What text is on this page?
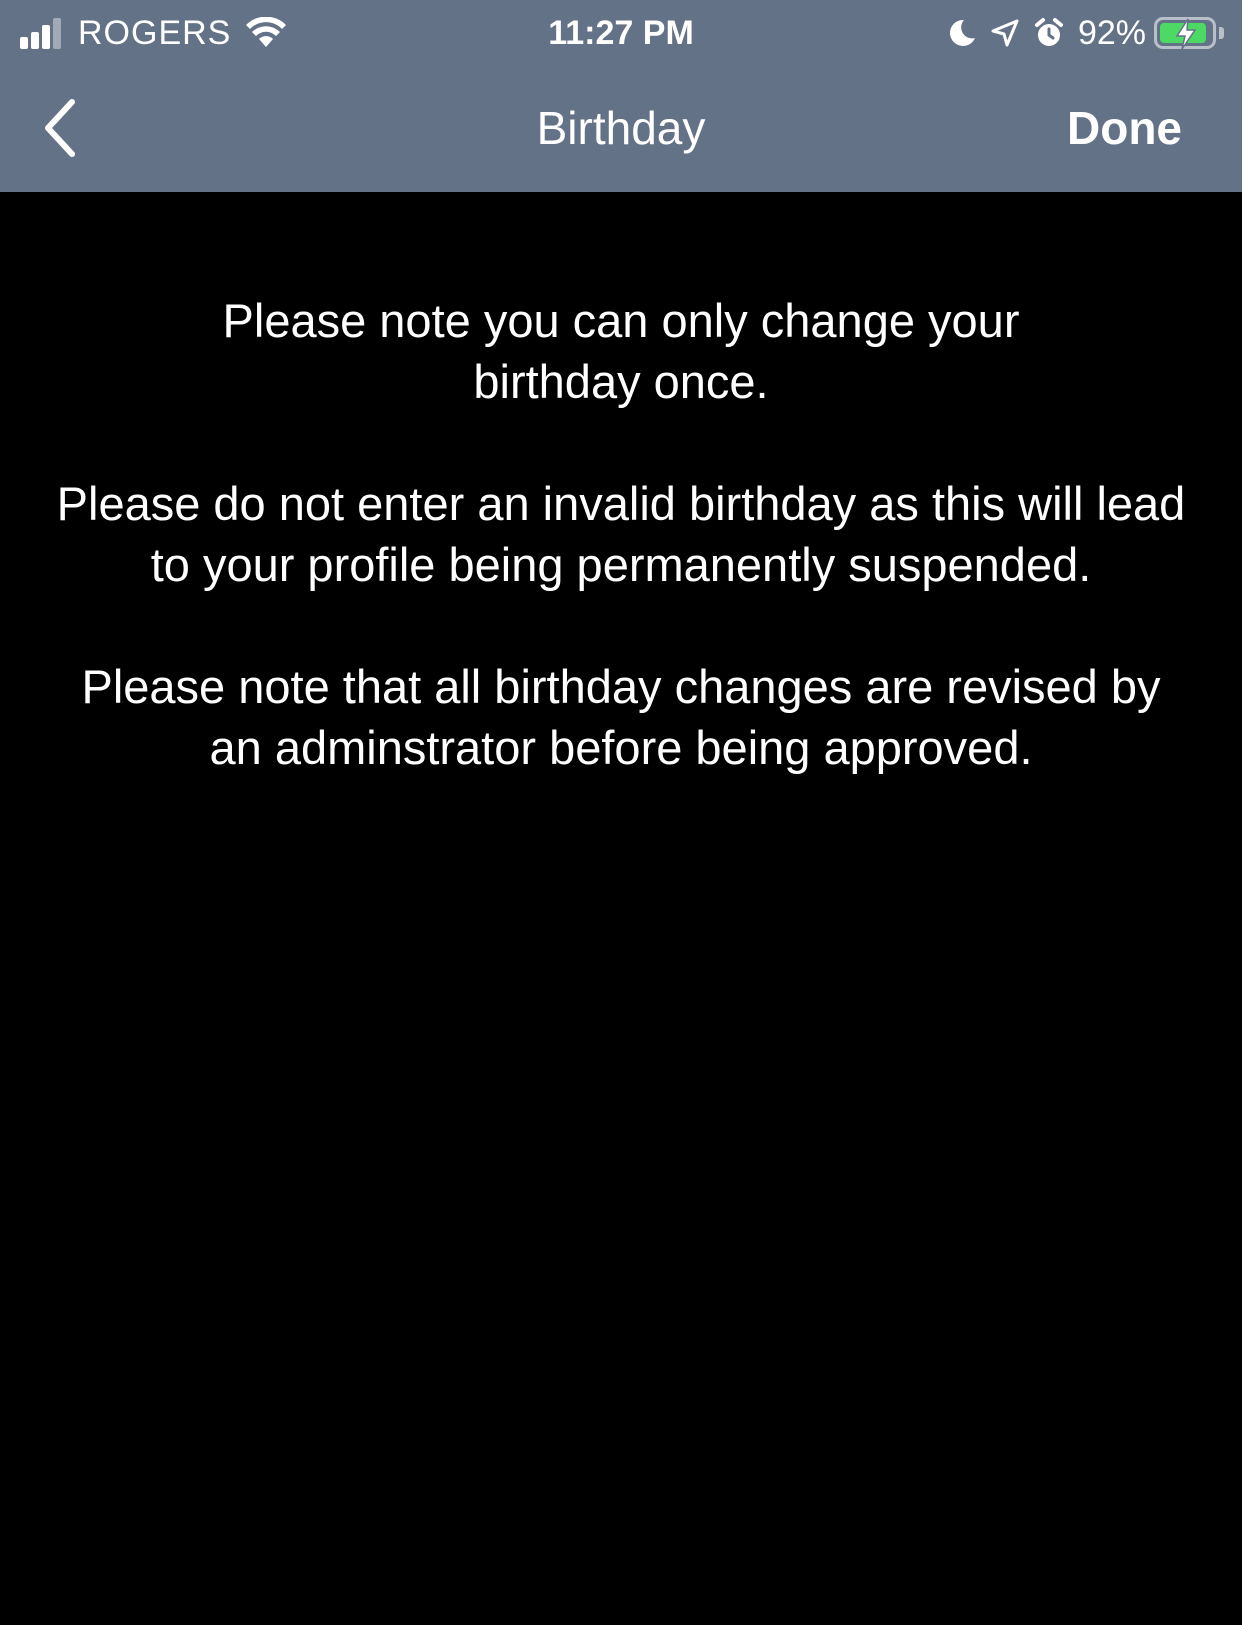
ROGERS	11:27 PM	92%
Birthday	Done

Please note you can only change your birthday once.

Please do not enter an invalid birthday as this will lead to your profile being permanently suspended.

Please note that all birthday changes are revised by an adminstrator before being approved.
